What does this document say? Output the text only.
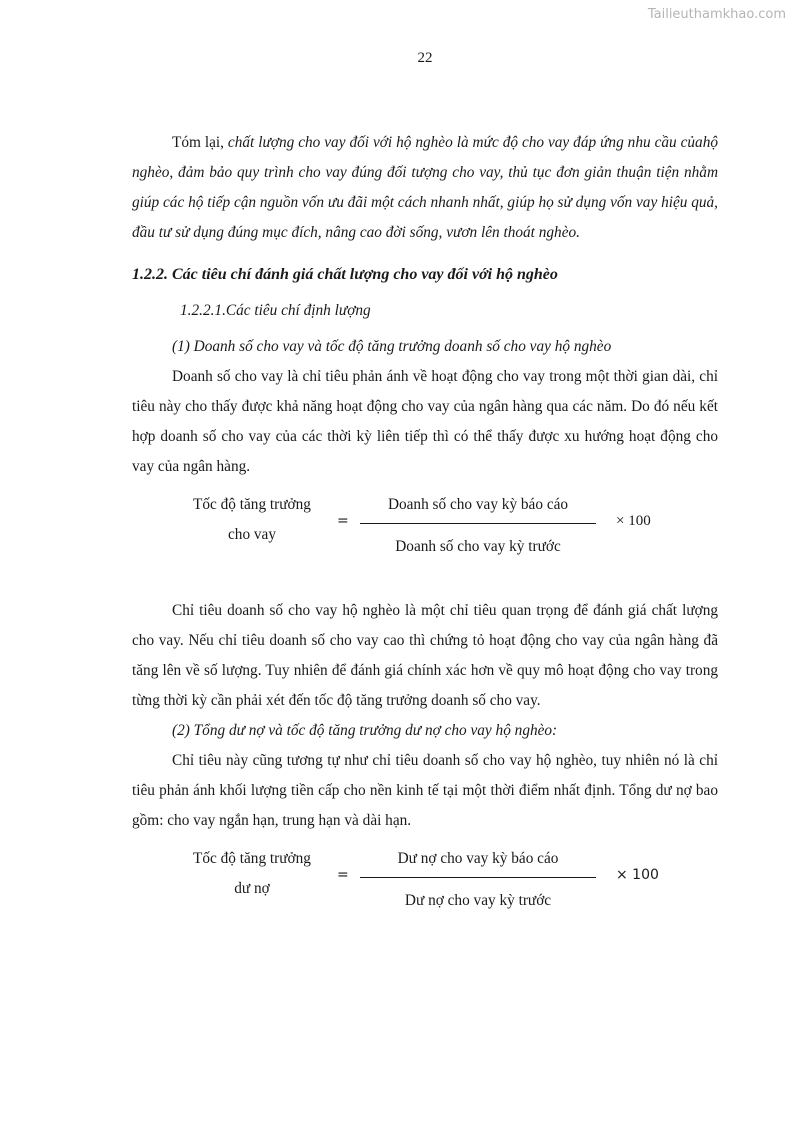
Tailieuthamkhao.com
22

Tóm lại, chất lượng cho vay đối với hộ nghèo là mức độ cho vay đáp ứng nhu cầu củahộ nghèo, đảm bảo quy trình cho vay đúng đối tượng cho vay, thủ tục đơn giản thuận tiện nhằm giúp các hộ tiếp cận nguồn vốn ưu đãi một cách nhanh nhất, giúp họ sử dụng vốn vay hiệu quả, đầu tư sử dụng đúng mục đích, nâng cao đời sống, vươn lên thoát nghèo.

1.2.2. Các tiêu chí đánh giá chất lượng cho vay đối với hộ nghèo

1.2.2.1.Các tiêu chí định lượng

(1) Doanh số cho vay và tốc độ tăng trưởng doanh số cho vay hộ nghèo

Doanh số cho vay là chỉ tiêu phản ánh về hoạt động cho vay trong một thời gian dài, chỉ tiêu này cho thấy được khả năng hoạt động cho vay của ngân hàng qua các năm. Do đó nếu kết hợp doanh số cho vay của các thời kỳ liên tiếp thì có thể thấy được xu hướng hoạt động cho vay của ngân hàng.

Tốc độ tăng trưởng
cho vay
=
Doanh số cho vay kỳ báo cáo
Doanh số cho vay kỳ trước
× 100

Chỉ tiêu doanh số cho vay hộ nghèo là một chỉ tiêu quan trọng để đánh giá chất lượng cho vay. Nếu chỉ tiêu doanh số cho vay cao thì chứng tỏ hoạt động cho vay của ngân hàng đã tăng lên về số lượng. Tuy nhiên để đánh giá chính xác hơn về quy mô hoạt động cho vay trong từng thời kỳ cần phải xét đến tốc độ tăng trưởng doanh số cho vay.

(2) Tổng dư nợ và tốc độ tăng trưởng dư nợ cho vay hộ nghèo:

Chỉ tiêu này cũng tương tự như chỉ tiêu doanh số cho vay hộ nghèo, tuy nhiên nó là chỉ tiêu phản ánh khối lượng tiền cấp cho nền kinh tế tại một thời điểm nhất định. Tổng dư nợ bao gồm: cho vay ngắn hạn, trung hạn và dài hạn.

Tốc độ tăng trưởng
dư nợ
=
Dư nợ cho vay kỳ báo cáo
Dư nợ cho vay kỳ trước
× 100
